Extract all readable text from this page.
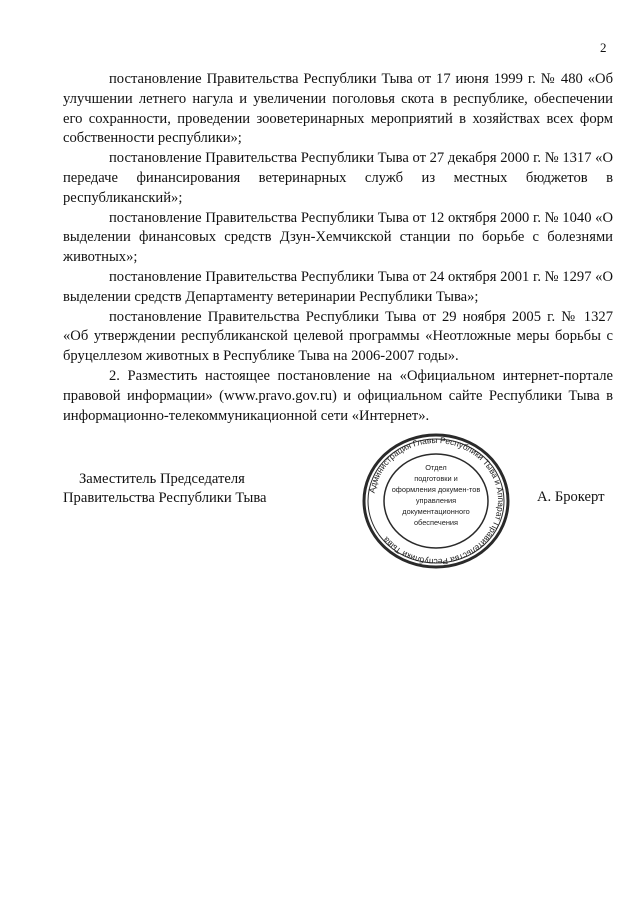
2

постановление Правительства Республики Тыва от 17 июня 1999 г. № 480 «Об улучшении летнего нагула и увеличении поголовья скота в республике, обеспечении его сохранности, проведении зооветеринарных мероприятий в хозяйствах всех форм собственности республики»;

постановление Правительства Республики Тыва от 27 декабря 2000 г. № 1317 «О передаче финансирования ветеринарных служб из местных бюджетов в республиканский»;

постановление Правительства Республики Тыва от 12 октября 2000 г. № 1040 «О выделении финансовых средств Дзун-Хемчикской станции по борьбе с болезнями животных»;

постановление Правительства Республики Тыва от 24 октября 2001 г. № 1297 «О выделении средств Департаменту ветеринарии Республики Тыва»;

постановление Правительства Республики Тыва от 29 ноября 2005 г. № 1327 «Об утверждении республиканской целевой программы «Неотложные меры борьбы с бруцеллезом животных в Республике Тыва на 2006-2007 годы».

2. Разместить настоящее постановление на «Официальном интернет-портале правовой информации» (www.pravo.gov.ru) и официальном сайте Республики Тыва в информационно-телекоммуникационной сети «Интернет».

Заместитель Председателя
Правительства Республики Тыва	А. Брокерт
Администрация Главы Республики Тыва и Аппарат Правительства Республики Тыва
Отдел
подготовки и
оформления докумен-тов
управления
документационного
обеспечения
